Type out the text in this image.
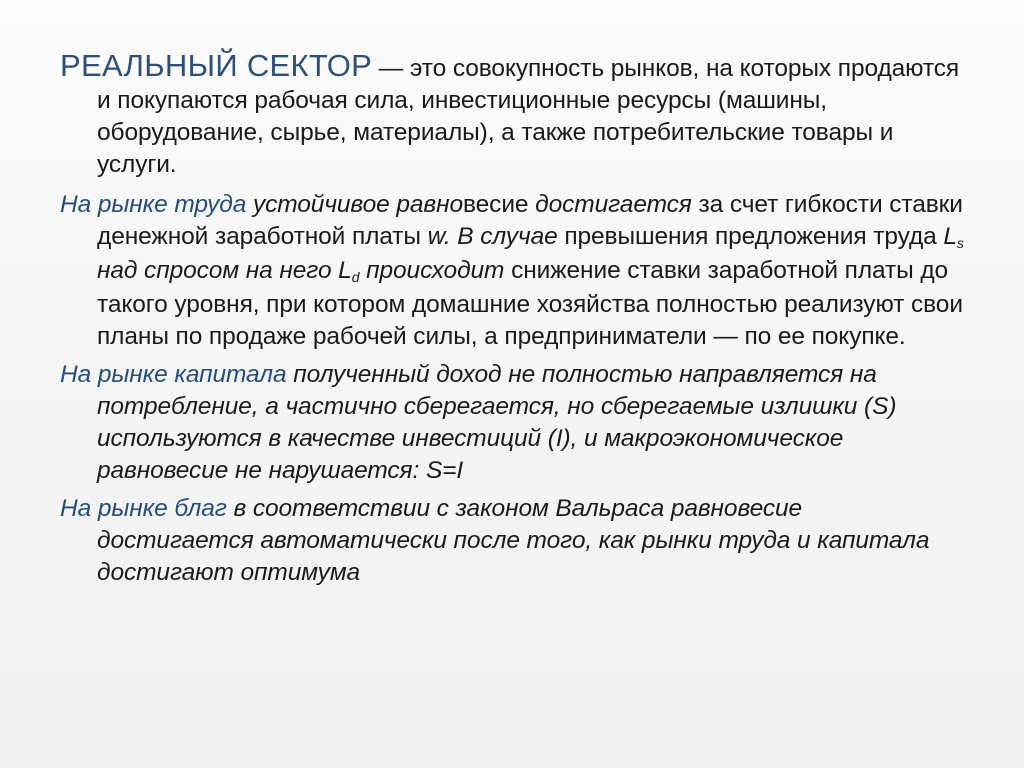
РЕАЛЬНЫЙ СЕКТОР — это совокупность рынков, на которых продаются и покупаются рабочая сила, инвестиционные ресурсы (машины, оборудование, сырье, материалы), а также потребительские товары и услуги.

На рынке труда устойчивое равновесие достигается за счет гибкости ставки денежной заработной платы w. В случае превышения предложения труда Ls над спросом на него Ld происходит снижение ставки заработной платы до такого уровня, при котором домашние хозяйства полностью реализуют свои планы по продаже рабочей силы, а предприниматели — по ее покупке.

На рынке капитала полученный доход не полностью направляется на потребление, а частично сберегается, но сберегаемые излишки (S) используются в качестве инвестиций (I), и макроэкономическое равновесие не нарушается: S=I

На рынке благ в соответствии с законом Вальраса равновесие достигается автоматически после того, как рынки труда и капитала достигают оптимума
